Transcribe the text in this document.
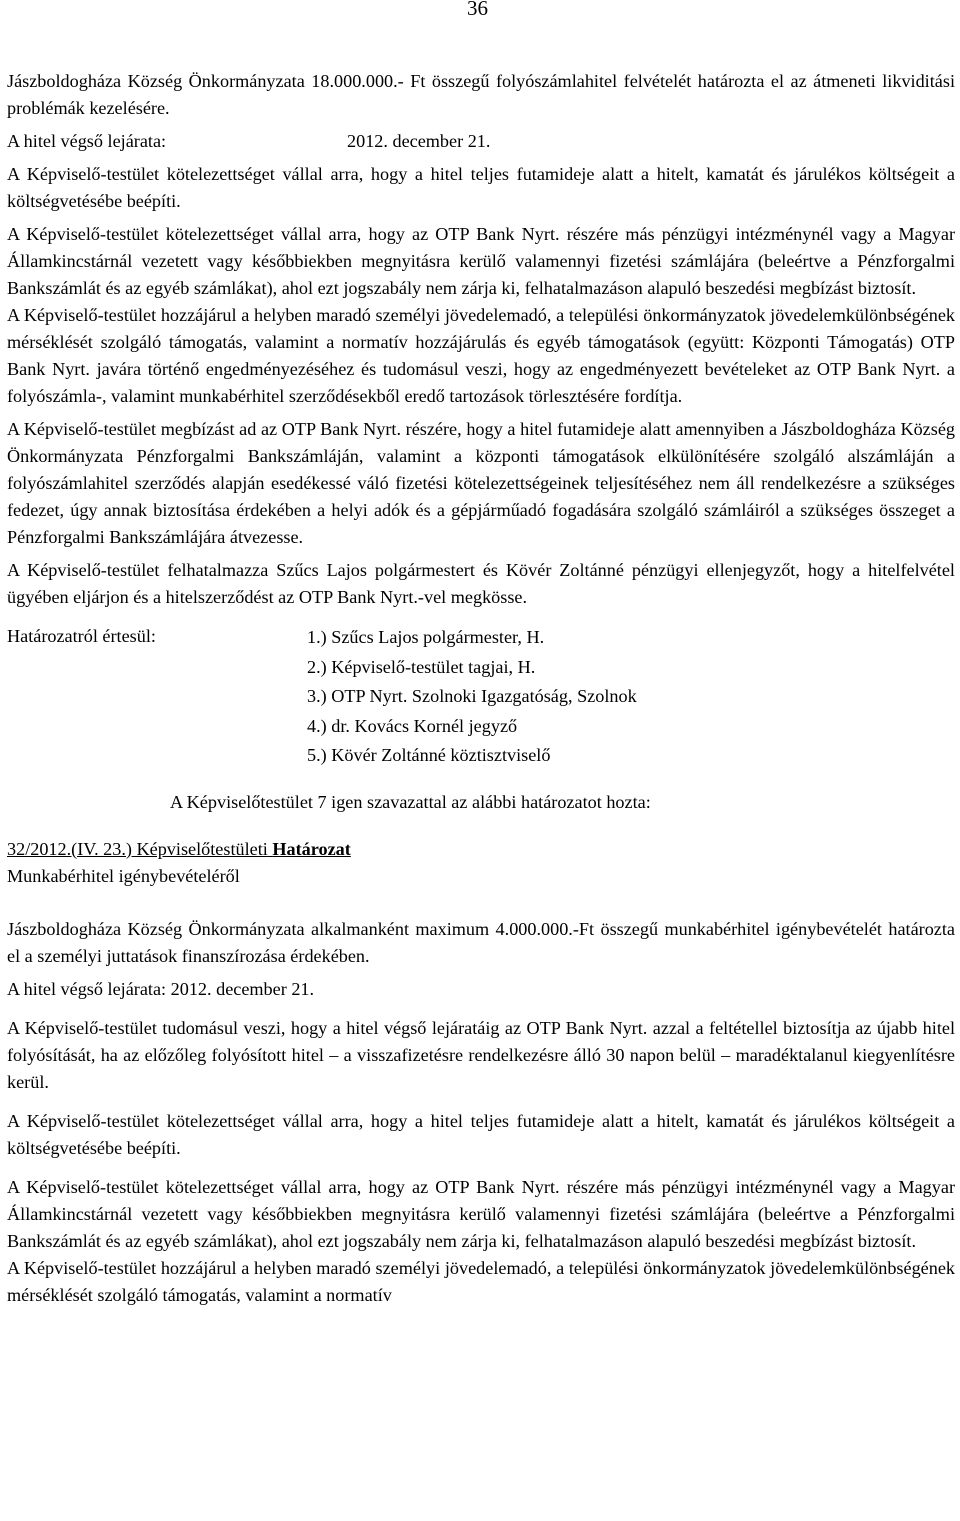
36

Jászboldogháza Község Önkormányzata 18.000.000.- Ft összegű folyószámlahitel felvételét határozta el az átmeneti likviditási problémák kezelésére.

A hitel végső lejárata:	2012. december 21.

A Képviselő-testület kötelezettséget vállal arra, hogy a hitel teljes futamideje alatt a hitelt, kamatát és járulékos költségeit a költségvetésébe beépíti.

A Képviselő-testület kötelezettséget vállal arra, hogy az OTP Bank Nyrt. részére más pénzügyi intézménynél vagy a Magyar Államkincstárnál vezetett vagy későbbiekben megnyitásra kerülő valamennyi fizetési számlájára (beleértve a Pénzforgalmi Bankszámlát és az egyéb számlákat), ahol ezt jogszabály nem zárja ki, felhatalmazáson alapuló beszedési megbízást biztosít.

A Képviselő-testület hozzájárul a helyben maradó személyi jövedelemadó, a települési önkormányzatok jövedelemkülönbségének mérséklését szolgáló támogatás, valamint a normatív hozzájárulás és egyéb támogatások (együtt: Központi Támogatás) OTP Bank Nyrt. javára történő engedményezéséhez és tudomásul veszi, hogy az engedményezett bevételeket az OTP Bank Nyrt. a folyószámla-, valamint munkabérhitel szerződésekből eredő tartozások törlesztésére fordítja.

A Képviselő-testület megbízást ad az OTP Bank Nyrt. részére, hogy a hitel futamideje alatt amennyiben a Jászboldogháza Község Önkormányzata Pénzforgalmi Bankszámláján, valamint a központi támogatások elkülönítésére szolgáló alszámláján a folyószámlahitel szerződés alapján esedékessé váló fizetési kötelezettségeinek teljesítéséhez nem áll rendelkezésre a szükséges fedezet, úgy annak biztosítása érdekében a helyi adók és a gépjárműadó fogadására szolgáló számláiról a szükséges összeget a Pénzforgalmi Bankszámlájára átvezesse.

A Képviselő-testület felhatalmazza Szűcs Lajos polgármestert és Kövér Zoltánné pénzügyi ellenjegyzőt, hogy a hitelfelvétel ügyében eljárjon és a hitelszerződést az OTP Bank Nyrt.-vel megkösse.

Határozatról értesül:	1.) Szűcs Lajos polgármester, H.
2.) Képviselő-testület tagjai, H.
3.) OTP Nyrt. Szolnoki Igazgatóság, Szolnok
4.) dr. Kovács Kornél jegyző
5.) Kövér Zoltánné köztisztviselő

A Képviselőtestület 7 igen szavazattal az alábbi határozatot hozta:

32/2012.(IV. 23.) Képviselőtestületi Határozat

Munkabérhitel igénybevételéről

Jászboldogháza Község Önkormányzata alkalmanként maximum 4.000.000.-Ft összegű munkabérhitel igénybevételét határozta el a személyi juttatások finanszírozása érdekében.

A hitel végső lejárata: 2012. december 21.

A Képviselő-testület tudomásul veszi, hogy a hitel végső lejáratáig az OTP Bank Nyrt. azzal a feltétellel biztosítja az újabb hitel folyósítását, ha az előzőleg folyósított hitel – a visszafizetésre rendelkezésre álló 30 napon belül – maradéktalanul kiegyenlítésre kerül.

A Képviselő-testület kötelezettséget vállal arra, hogy a hitel teljes futamideje alatt a hitelt, kamatát és járulékos költségeit a költségvetésébe beépíti.

A Képviselő-testület kötelezettséget vállal arra, hogy az OTP Bank Nyrt. részére más pénzügyi intézménynél vagy a Magyar Államkincstárnál vezetett vagy későbbiekben megnyitásra kerülő valamennyi fizetési számlájára (beleértve a Pénzforgalmi Bankszámlát és az egyéb számlákat), ahol ezt jogszabály nem zárja ki, felhatalmazáson alapuló beszedési megbízást biztosít.

A Képviselő-testület hozzájárul a helyben maradó személyi jövedelemadó, a települési önkormányzatok jövedelemkülönbségének mérséklését szolgáló támogatás, valamint a normatív
